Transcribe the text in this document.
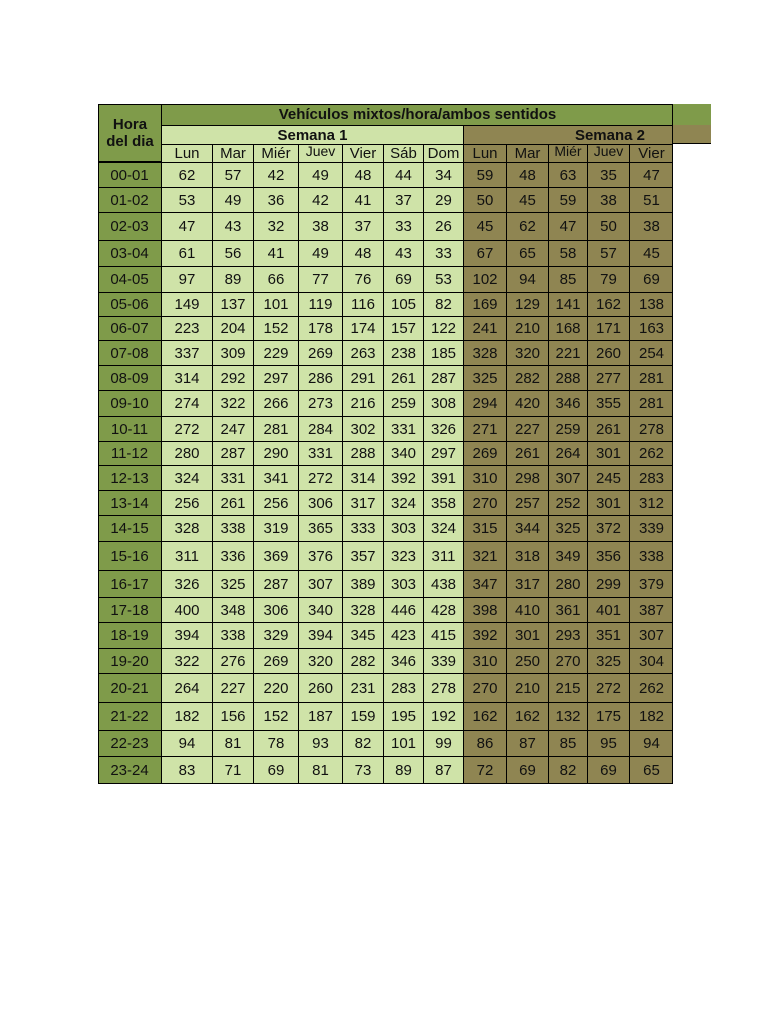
Hora
del dia
Vehículos mixtos/hora/ambos sentidos
Semana 1	Semana 2
Lun	Mar	Miér	Juev Vier Sáb Dom Lun	Mar Miér Juev	Vier
00-01	62	57	42	49	48	44	34	59	48	63	35	47
01-02	53	49	36	42	41	37	29	50	45	59	38	51
02-03	47	43	32	38	37	33	26	45	62	47	50	38
03-04	61	56	41	49	48	43	33	67	65	58	57	45
04-05	97	89	66	77	76	69	53	102	94	85	79	69
05-06	149	137	101	119	116	105	82	169	129	141	162	138
06-07	223	204	152	178	174	157 122	241	210	168	171	163
07-08	337	309	229	269	263	238 185	328	320	221	260	254
08-09	314	292	297	286	291	261 287	325	282	288	277	281
09-10	274	322	266	273	216	259 308	294	420	346	355	281
10-11	272	247	281	284	302	331 326	271	227	259	261	278
11-12	280	287	290	331	288	340 297	269	261	264	301	262
12-13	324	331	341	272	314	392 391	310	298	307	245	283
13-14	256	261	256	306	317	324 358	270	257	252	301	312
14-15	328	338	319	365	333	303 324	315	344	325	372	339
15-16	311	336	369	376	357	323	311	321	318	349	356	338
16-17	326	325	287	307	389	303 438	347	317	280	299	379
17-18	400	348	306	340	328	446 428	398	410	361	401	387
18-19	394	338	329	394	345	423 415	392	301	293	351	307
19-20	322	276	269	320	282	346 339	310	250	270	325	304
20-21	264	227	220	260	231	283 278	270	210	215	272	262
21-22	182	156	152	187	159	195 192	162	162	132	175	182
22-23	94	81	78	93	82	101	99	86	87	85	95	94
23-24	83	71	69	81	73	89	87	72	69	82	69	65
